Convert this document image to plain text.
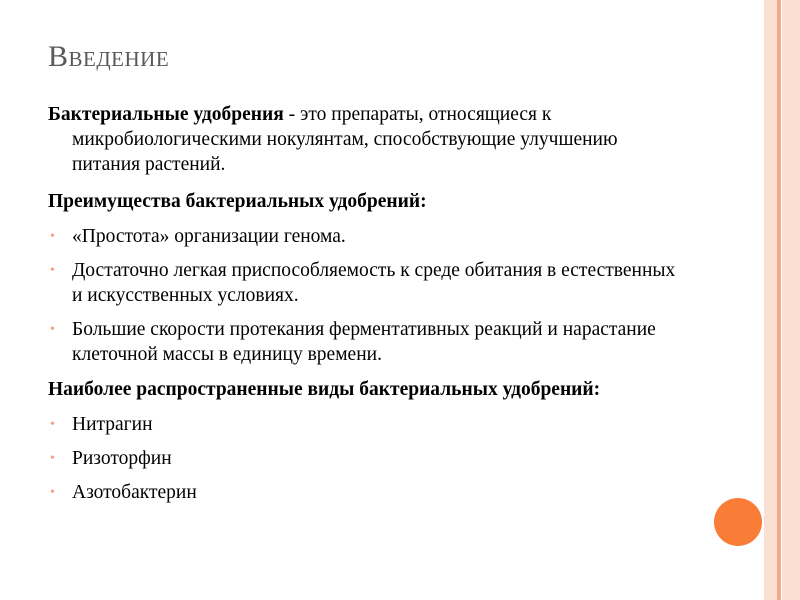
Введение

Бактериальные удобрения - это препараты, относящиеся к микробиологическими нокулянтам, способствующие улучшению питания растений.

Преимущества бактериальных удобрений:

• «Простота» организации генома.
• Достаточно легкая приспособляемость к среде обитания в естественных и искусственных условиях.
• Большие скорости протекания ферментативных реакций и нарастание клеточной массы в единицу времени.

Наиболее распространенные виды бактериальных удобрений:

• Нитрагин
• Ризоторфин
• Азотобактерин
